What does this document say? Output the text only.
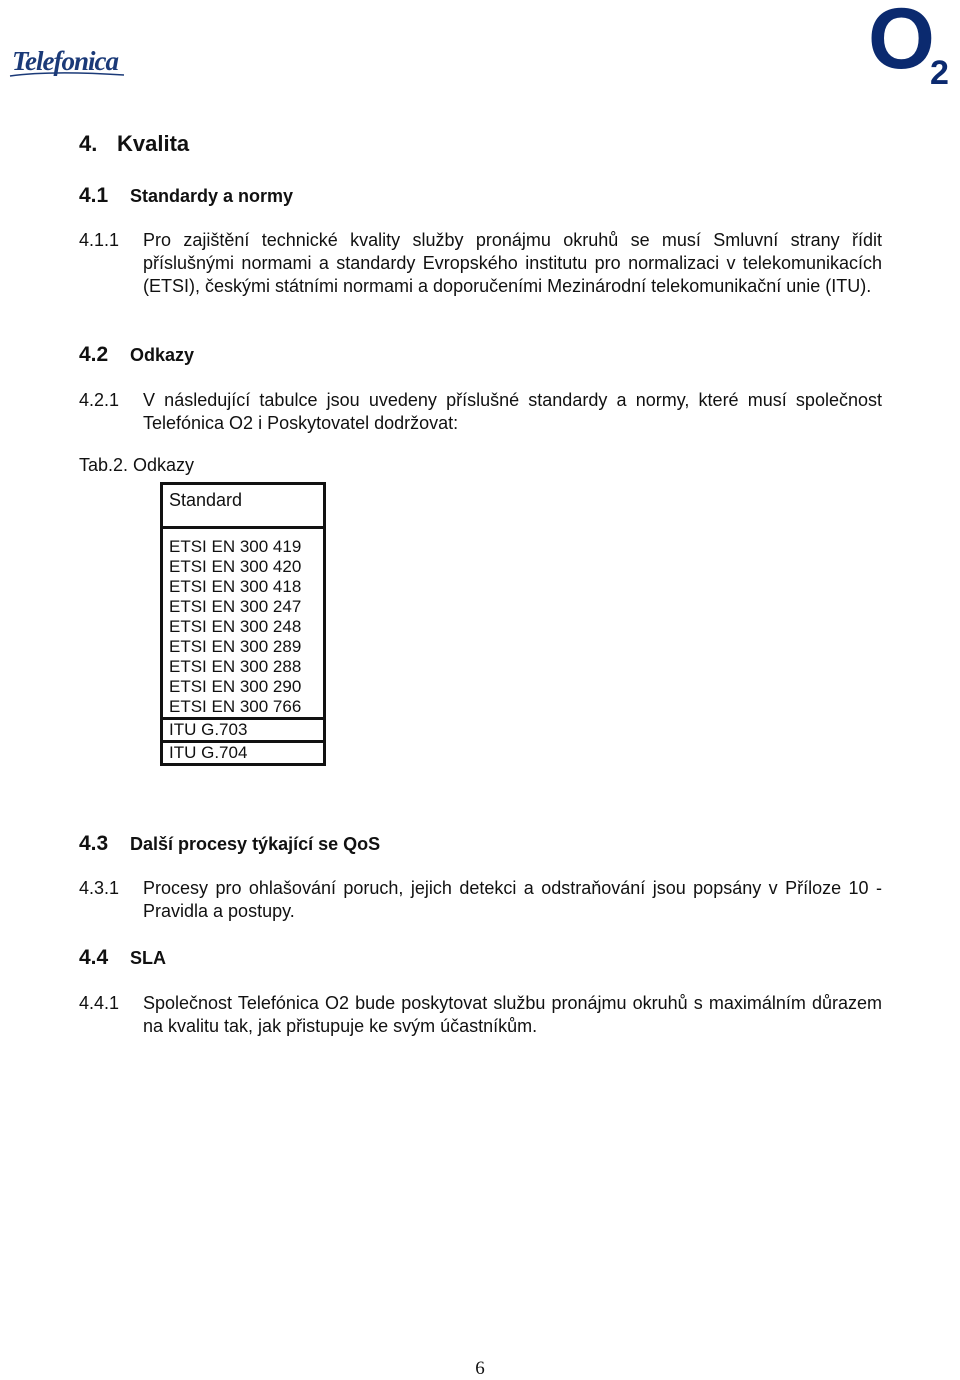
Telefonica	O
2
4. Kvalita
4.1 Standardy a normy
4.1.1 Pro zajištění technické kvality služby pronájmu okruhů se musí Smluvní strany řídit příslušnými normami a standardy Evropského institutu pro normalizaci v telekomunikacích (ETSI), českými státními normami a doporučeními Mezinárodní telekomunikační unie (ITU).
4.2 Odkazy
4.2.1 V následující tabulce jsou uvedeny příslušné standardy a normy, které musí společnost Telefónica O2 i Poskytovatel dodržovat:
Tab.2. Odkazy
Standard
ETSI EN 300 419
ETSI EN 300 420
ETSI EN 300 418
ETSI EN 300 247
ETSI EN 300 248
ETSI EN 300 289
ETSI EN 300 288
ETSI EN 300 290
ETSI EN 300 766
ITU G.703
ITU G.704
4.3 Další procesy týkající se QoS
4.3.1 Procesy pro ohlašování poruch, jejich detekci a odstraňování jsou popsány v Příloze 10 - Pravidla a postupy.
4.4 SLA
4.4.1 Společnost Telefónica O2 bude poskytovat službu pronájmu okruhů s maximálním důrazem na kvalitu tak, jak přistupuje ke svým účastníkům.
6
